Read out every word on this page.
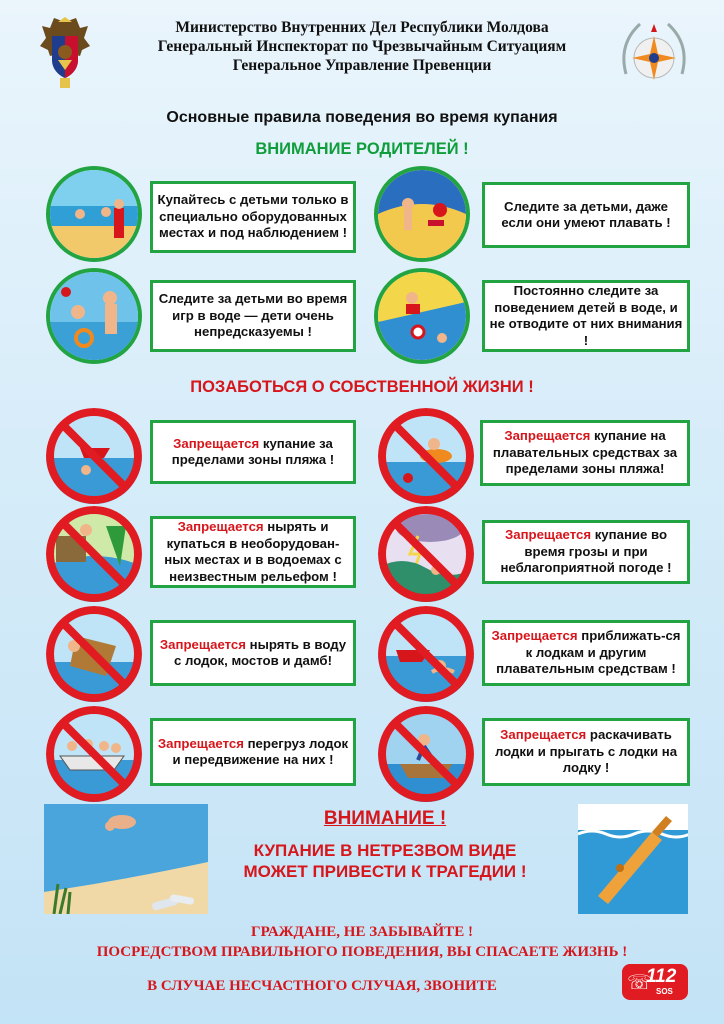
Министерство Внутренних Дел Республики Молдова
Генеральный Инспекторат по Чрезвычайным Ситуациям
Генеральное Управление Превенции
Основные правила поведения во время купания
ВНИМАНИЕ РОДИТЕЛЕЙ !
Купайтесь с детьми только в специально оборудованных местах и под наблюдением !
Следите за детьми, даже если они умеют плавать !
Следите за детьми во время игр в воде — дети очень непредсказуемы !
Постоянно следите за поведением детей в воде, и не отводите от них внимания !
ПОЗАБОТЬСЯ О СОБСТВЕННОЙ ЖИЗНИ !
Запрещается купание за пределами зоны пляжа !
Запрещается купание на плавательных средствах за пределами зоны пляжа!
Запрещается нырять и купаться в необорудован-ных местах и в водоемах с неизвестным рельефом !
Запрещается купание во время грозы и при неблагоприятной погоде !
Запрещается нырять в воду с лодок, мостов и дамб!
Запрещается приближать-ся к лодкам и другим плавательным средствам !
Запрещается перегруз лодок и передвижение на них !
Запрещается раскачивать лодки и прыгать с лодки на лодку !
ВНИМАНИЕ !
КУПАНИЕ В НЕТРЕЗВОМ ВИДЕ МОЖЕТ ПРИВЕСТИ К ТРАГЕДИИ !
ГРАЖДАНЕ, НЕ ЗАБЫВАЙТЕ !
ПОСРЕДСТВОМ ПРАВИЛЬНОГО ПОВЕДЕНИЯ, ВЫ СПАСАЕТЕ ЖИЗНЬ !
В СЛУЧАЕ НЕСЧАСТНОГО СЛУЧАЯ, ЗВОНИТЕ	☏
112
SOS
